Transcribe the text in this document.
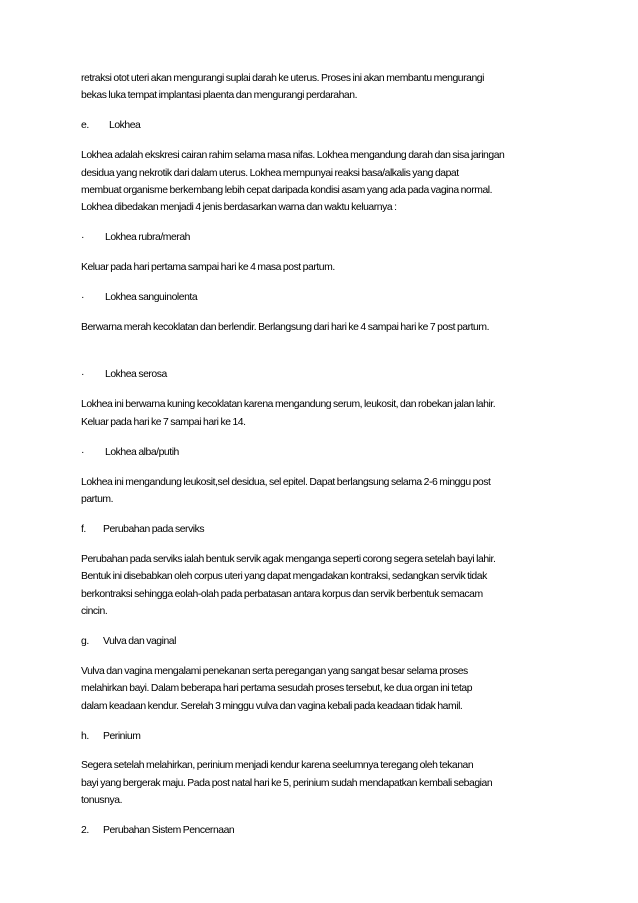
retraksi otot uteri akan mengurangi suplai darah ke uterus. Proses ini akan membantu mengurangi

bekas luka tempat implantasi plaenta dan mengurangi perdarahan.

e.	Lokhea

Lokhea adalah ekskresi cairan rahim selama masa nifas. Lokhea mengandung darah dan sisa jaringan

desidua yang nekrotik dari dalam uterus. Lokhea mempunyai reaksi basa/alkalis yang dapat

membuat organisme berkembang lebih cepat daripada kondisi asam yang ada pada vagina normal.

Lokhea dibedakan menjadi 4 jenis berdasarkan warna dan waktu keluarnya :

·	Lokhea rubra/merah

Keluar pada hari pertama sampai hari ke 4 masa post partum.

·	Lokhea sanguinolenta

Berwarna merah kecoklatan dan berlendir. Berlangsung dari hari ke 4 sampai hari ke 7 post partum.

·	Lokhea serosa

Lokhea ini berwarna kuning kecoklatan karena mengandung serum, leukosit, dan robekan jalan lahir.

Keluar pada hari ke 7 sampai hari ke 14.

·	Lokhea alba/putih

Lokhea ini mengandung leukosit,sel desidua, sel epitel. Dapat berlangsung selama 2-6 minggu post

partum.

f.	Perubahan pada serviks

Perubahan pada serviks ialah bentuk servik agak menganga seperti corong segera setelah bayi lahir.

Bentuk ini disebabkan oleh corpus uteri yang dapat mengadakan kontraksi, sedangkan servik tidak

berkontraksi sehingga eolah-olah pada perbatasan antara korpus dan servik berbentuk semacam

cincin.

g.	Vulva dan vaginal

Vulva dan vagina mengalami penekanan serta peregangan yang sangat besar selama proses

melahirkan bayi. Dalam beberapa hari pertama sesudah proses tersebut, ke dua organ ini tetap

dalam keadaan kendur. Serelah 3 minggu vulva dan vagina kebali pada keadaan tidak hamil.

h.	Perinium

Segera setelah melahirkan, perinium menjadi kendur karena seelumnya teregang oleh tekanan

bayi yang bergerak maju. Pada post natal hari ke 5, perinium sudah mendapatkan kembali sebagian

tonusnya.

2.	Perubahan Sistem Pencernaan
